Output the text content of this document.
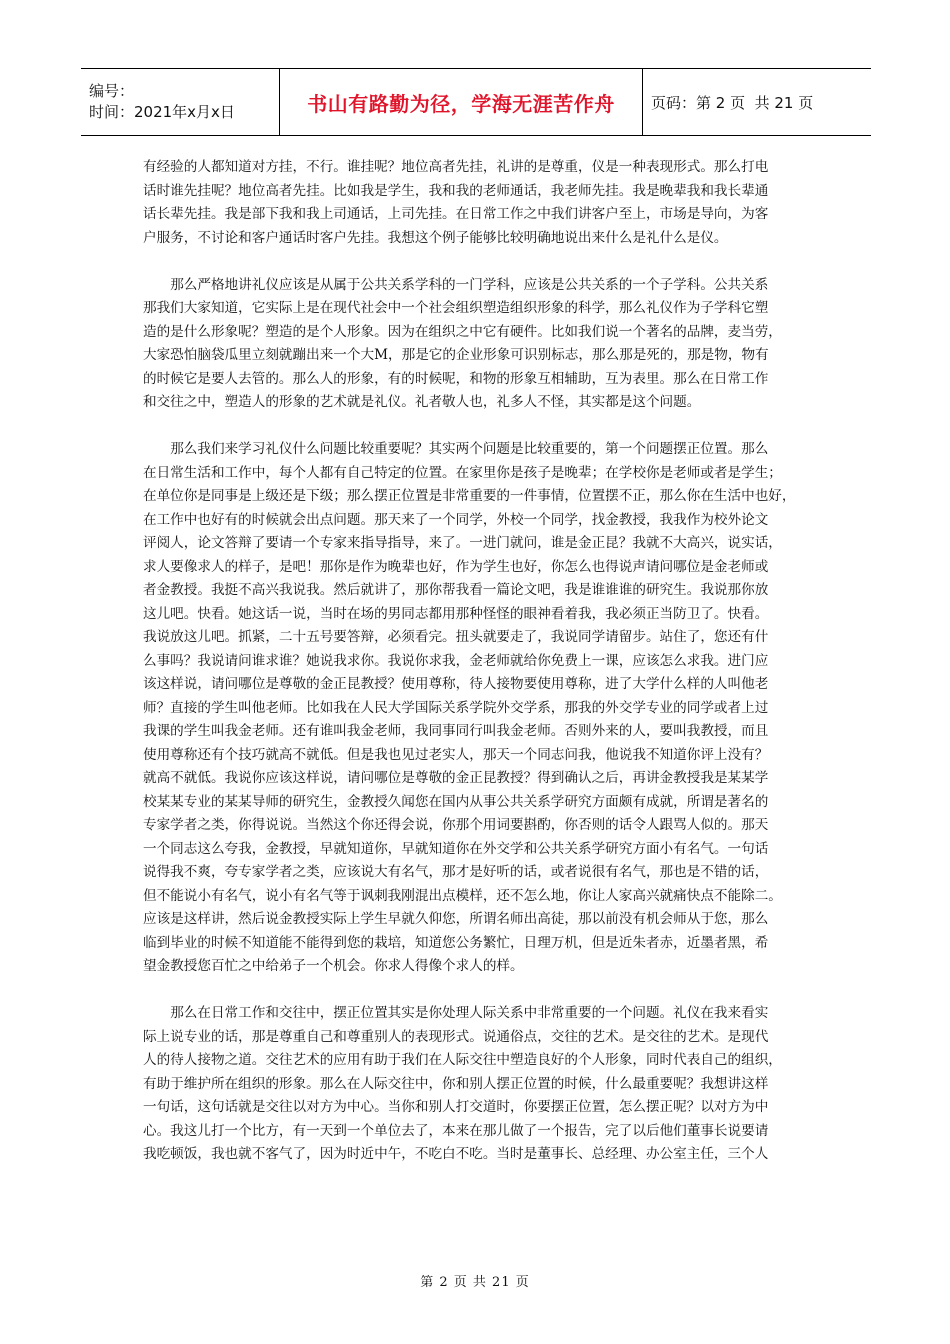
编号：
时间：2021年x月x日	书山有路勤为径，学海无涯苦作舟 页码：第 2 页  共 21 页

有经验的人都知道对方挂，不行。谁挂呢？地位高者先挂，礼讲的是尊重，仪是一种表现形式。那么打电
话时谁先挂呢？地位高者先挂。比如我是学生，我和我的老师通话，我老师先挂。我是晚辈我和我长辈通
话长辈先挂。我是部下我和我上司通话，上司先挂。在日常工作之中我们讲客户至上，市场是导向，为客
户服务，不讨论和客户通话时客户先挂。我想这个例子能够比较明确地说出来什么是礼什么是仪。

那么严格地讲礼仪应该是从属于公共关系学科的一门学科，应该是公共关系的一个子学科。公共关系
那我们大家知道，它实际上是在现代社会中一个社会组织塑造组织形象的科学，那么礼仪作为子学科它塑
造的是什么形象呢？塑造的是个人形象。因为在组织之中它有硬件。比如我们说一个著名的品牌，麦当劳，
大家恐怕脑袋瓜里立刻就蹦出来一个大M，那是它的企业形象可识别标志，那么那是死的，那是物，物有
的时候它是要人去管的。那么人的形象，有的时候呢，和物的形象互相辅助，互为表里。那么在日常工作
和交往之中，塑造人的形象的艺术就是礼仪。礼者敬人也，礼多人不怪，其实都是这个问题。

那么我们来学习礼仪什么问题比较重要呢？其实两个问题是比较重要的，第一个问题摆正位置。那么
在日常生活和工作中，每个人都有自己特定的位置。在家里你是孩子是晚辈；在学校你是老师或者是学生；
在单位你是同事是上级还是下级；那么摆正位置是非常重要的一件事情，位置摆不正，那么你在生活中也好，
在工作中也好有的时候就会出点问题。那天来了一个同学，外校一个同学，找金教授，我我作为校外论文
评阅人，论文答辩了要请一个专家来指导指导，来了。一进门就问，谁是金正昆？我就不大高兴，说实话，
求人要像求人的样子，是吧！那你是作为晚辈也好，作为学生也好，你怎么也得说声请问哪位是金老师或
者金教授。我挺不高兴我说我。然后就讲了，那你帮我看一篇论文吧，我是谁谁谁的研究生。我说那你放
这儿吧。快看。她这话一说，当时在场的男同志都用那种怪怪的眼神看着我，我必须正当防卫了。快看。
我说放这儿吧。抓紧，二十五号要答辩，必须看完。扭头就要走了，我说同学请留步。站住了，您还有什
么事吗？我说请问谁求谁？她说我求你。我说你求我，金老师就给你免费上一课，应该怎么求我。进门应
该这样说，请问哪位是尊敬的金正昆教授？使用尊称，待人接物要使用尊称，进了大学什么样的人叫他老
师？直接的学生叫他老师。比如我在人民大学国际关系学院外交学系，那我的外交学专业的同学或者上过
我课的学生叫我金老师。还有谁叫我金老师，我同事同行叫我金老师。否则外来的人，要叫我教授，而且
使用尊称还有个技巧就高不就低。但是我也见过老实人，那天一个同志问我，他说我不知道你评上没有？
就高不就低。我说你应该这样说，请问哪位是尊敬的金正昆教授？得到确认之后，再讲金教授我是某某学
校某某专业的某某导师的研究生，金教授久闻您在国内从事公共关系学研究方面颇有成就，所谓是著名的
专家学者之类，你得说说。当然这个你还得会说，你那个用词要斟酌，你否则的话令人跟骂人似的。那天
一个同志这么夸我，金教授，早就知道你，早就知道你在外交学和公共关系学研究方面小有名气。一句话
说得我不爽，夸专家学者之类，应该说大有名气，那才是好听的话，或者说很有名气，那也是不错的话，
但不能说小有名气，说小有名气等于讽刺我刚混出点模样，还不怎么地，你让人家高兴就痛快点不能除二。
应该是这样讲，然后说金教授实际上学生早就久仰您，所谓名师出高徒，那以前没有机会师从于您，那么
临到毕业的时候不知道能不能得到您的栽培，知道您公务繁忙，日理万机，但是近朱者赤，近墨者黑，希
望金教授您百忙之中给弟子一个机会。你求人得像个求人的样。

那么在日常工作和交往中，摆正位置其实是你处理人际关系中非常重要的一个问题。礼仪在我来看实
际上说专业的话，那是尊重自己和尊重别人的表现形式。说通俗点，交往的艺术。是交往的艺术。是现代
人的待人接物之道。交往艺术的应用有助于我们在人际交往中塑造良好的个人形象，同时代表自己的组织，
有助于维护所在组织的形象。那么在人际交往中，你和别人摆正位置的时候，什么最重要呢？我想讲这样
一句话，这句话就是交往以对方为中心。当你和别人打交道时，你要摆正位置，怎么摆正呢？以对方为中
心。我这儿打一个比方，有一天到一个单位去了，本来在那儿做了一个报告，完了以后他们董事长说要请
我吃顿饭，我也就不客气了，因为时近中午，不吃白不吃。当时是董事长、总经理、办公室主任，三个人

第 2 页 共 21 页
